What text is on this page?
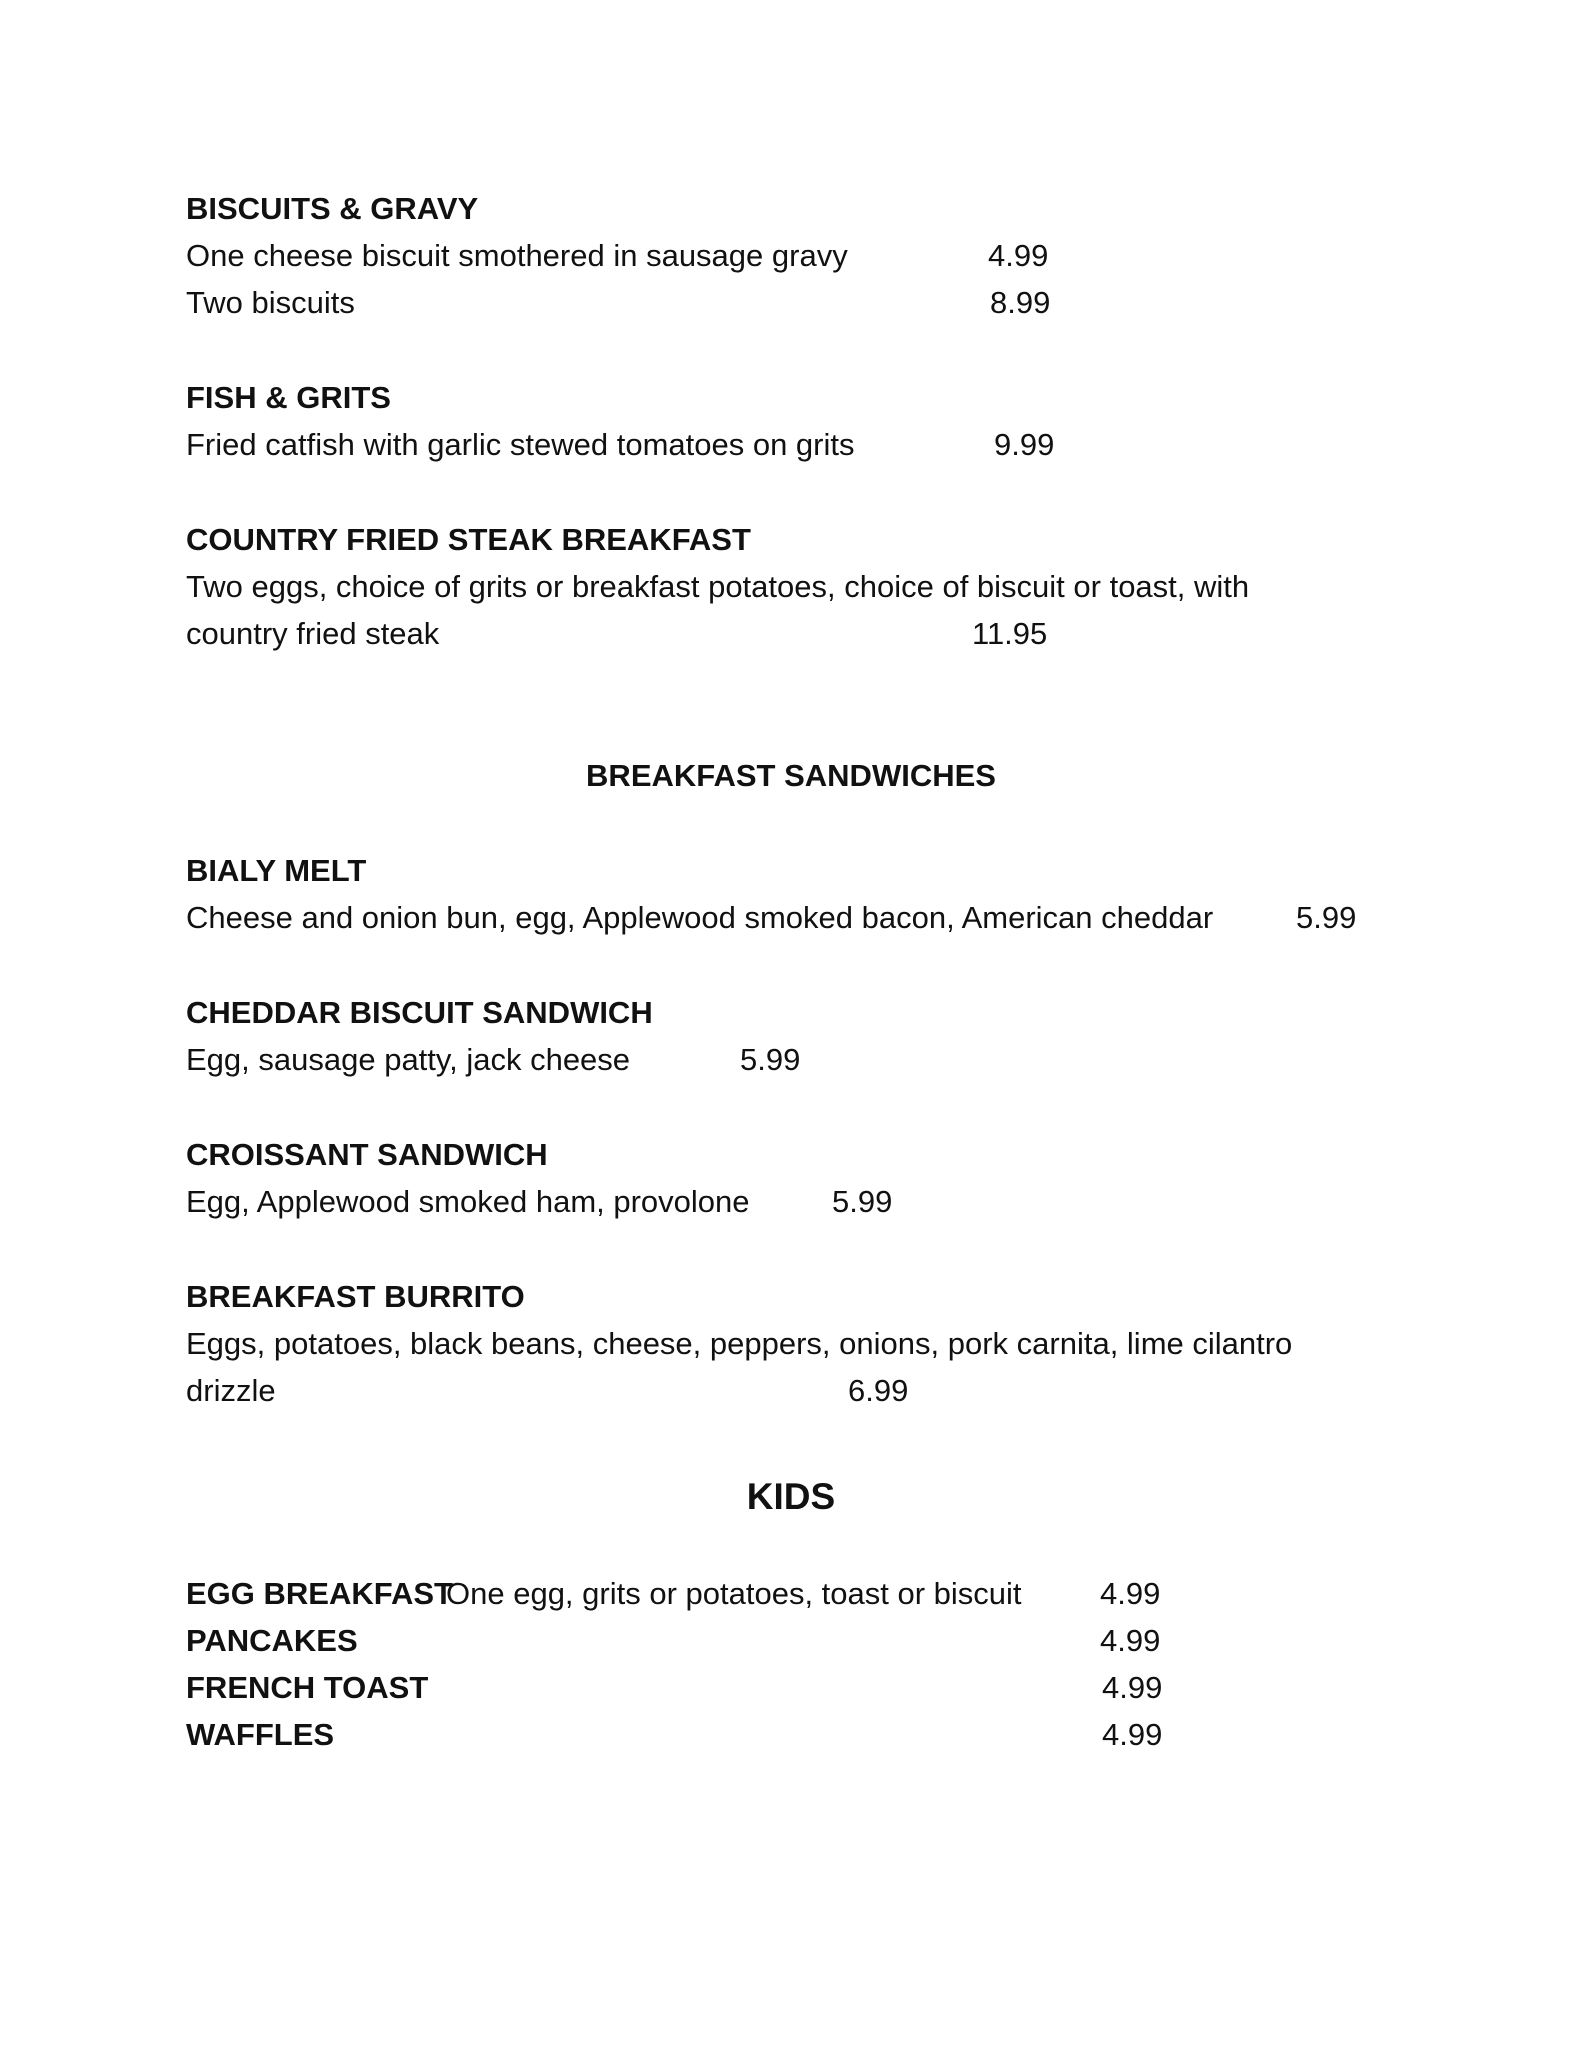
BISCUITS & GRAVY
One cheese biscuit smothered in sausage gravy	4.99
Two biscuits	8.99
FISH & GRITS
Fried catfish with garlic stewed tomatoes on grits	9.99
COUNTRY FRIED STEAK BREAKFAST
Two eggs, choice of grits or breakfast potatoes, choice of biscuit or toast, with
country fried steak	11.95
BREAKFAST SANDWICHES
BIALY MELT
Cheese and onion bun, egg, Applewood smoked bacon, American cheddar	5.99
CHEDDAR BISCUIT SANDWICH
Egg, sausage patty, jack cheese	5.99
CROISSANT SANDWICH
Egg, Applewood smoked ham, provolone	5.99
BREAKFAST BURRITO
Eggs, potatoes, black beans, cheese, peppers, onions, pork carnita, lime cilantro
drizzle	6.99
KIDS
EGG BREAKFAST
One egg, grits or potatoes, toast or biscuit	4.99
PANCAKES	4.99
FRENCH TOAST	4.99
WAFFLES	4.99
